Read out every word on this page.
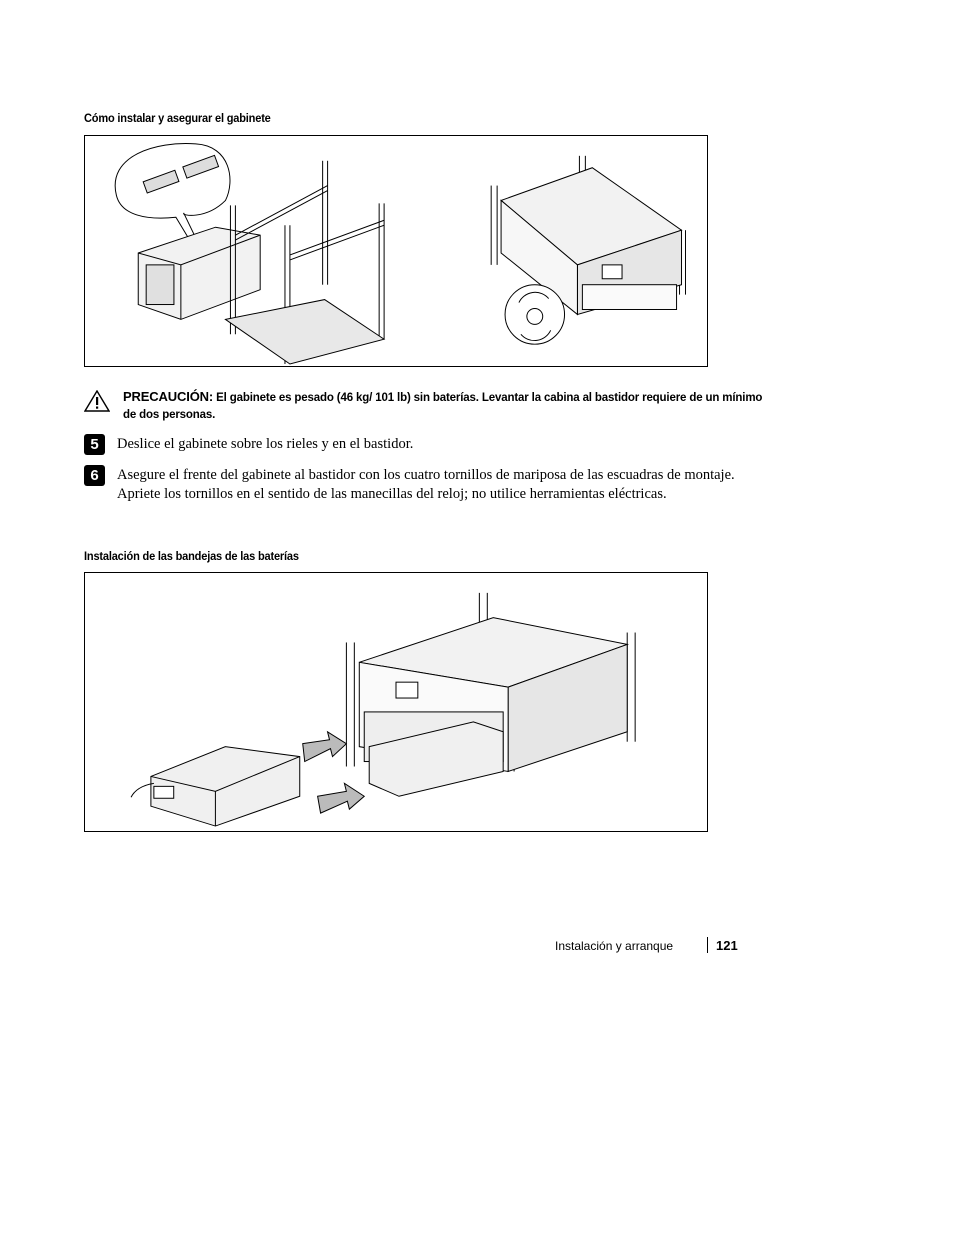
Cómo instalar y asegurar el gabinete
PRECAUCIÓN: El gabinete es pesado (46 kg/ 101 lb) sin baterías. Levantar la cabina al bastidor requiere de un mínimo de dos personas.
5	Deslice el gabinete sobre los rieles y en el bastidor.
6	Asegure el frente del gabinete al bastidor con los cuatro tornillos de mariposa de las escuadras de montaje. Apriete los tornillos en el sentido de las manecillas del reloj; no utilice herramientas eléctricas.
Instalación de las bandejas de las baterías
Instalación y arranque	121
